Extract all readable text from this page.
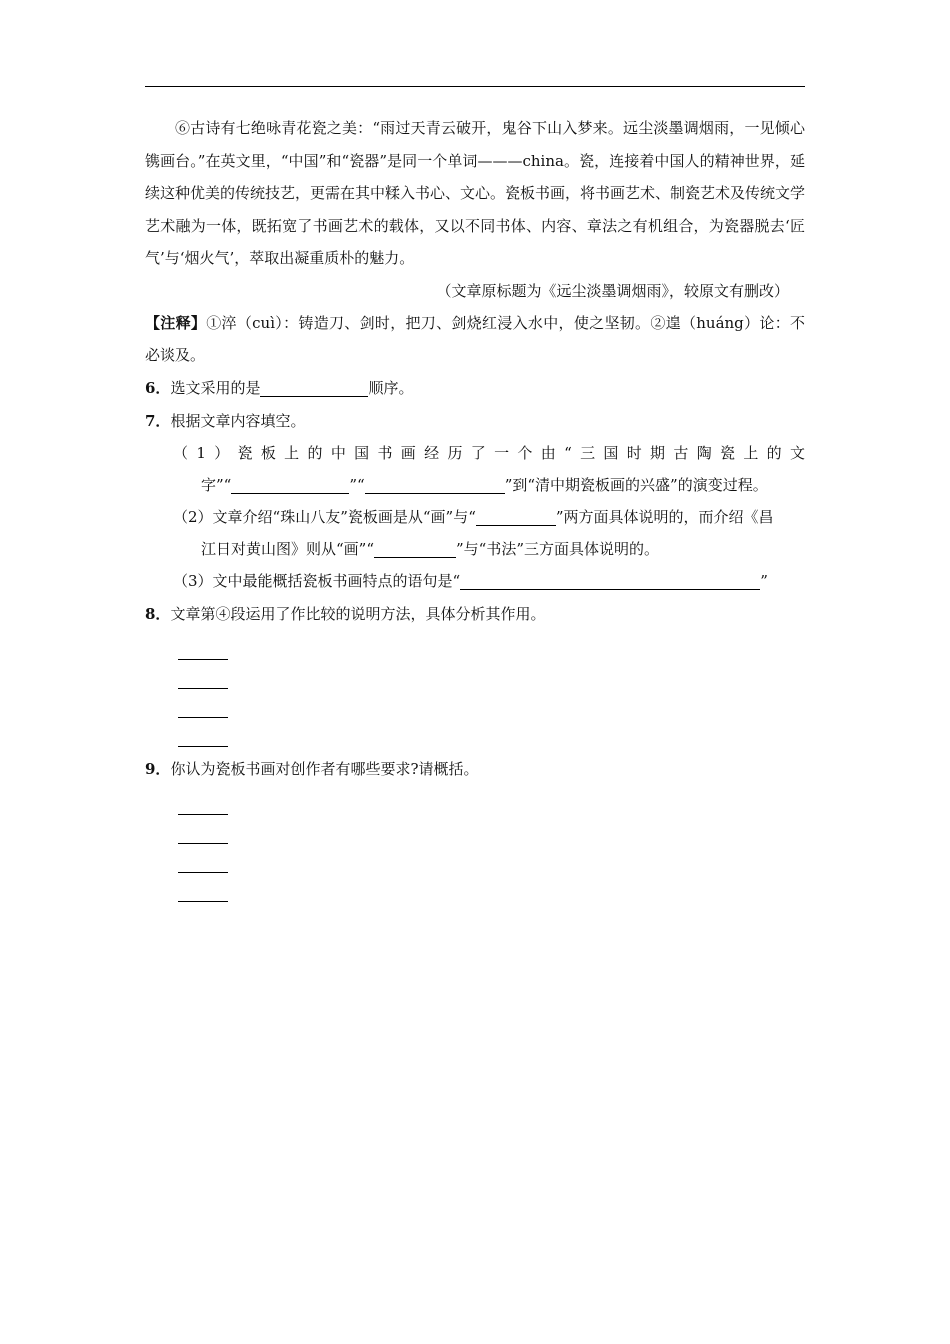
⑥古诗有七绝咏青花瓷之美：“雨过天青云破开，鬼谷下山入梦来。远尘淡墨调烟雨，一见倾心镌画台。”在英文里，“中国”和“瓷器”是同一个单词———china。瓷，连接着中国人的精神世界，延续这种优美的传统技艺，更需在其中糅入书心、文心。瓷板书画，将书画艺术、制瓷艺术及传统文学艺术融为一体，既拓宽了书画艺术的载体，又以不同书体、内容、章法之有机组合，为瓷器脱去‘匠气’与‘烟火气’，萃取出凝重质朴的魅力。

（文章原标题为《远尘淡墨调烟雨》，较原文有删改）

【注释】①淬（cuì）：铸造刀、剑时，把刀、剑烧红浸入水中，使之坚韧。②遑（huáng）论：不必谈及。

6．选文采用的是	顺序。

7．根据文章内容填空。

（1）瓷板上的中国书画经历了一个由“三国时期古陶瓷上的文
字”“	”“	”到“清中期瓷板画的兴盛”的演变过程。

（2）文章介绍“珠山八友”瓷板画是从“画”与“	”两方面具体说明的，而介绍《昌
江日对黄山图》则从“画”“	”与“书法”三方面具体说明的。

（3）文中最能概括瓷板书画特点的语句是“	”

8．文章第④段运用了作比较的说明方法，具体分析其作用。

9．你认为瓷板书画对创作者有哪些要求?请概括。
